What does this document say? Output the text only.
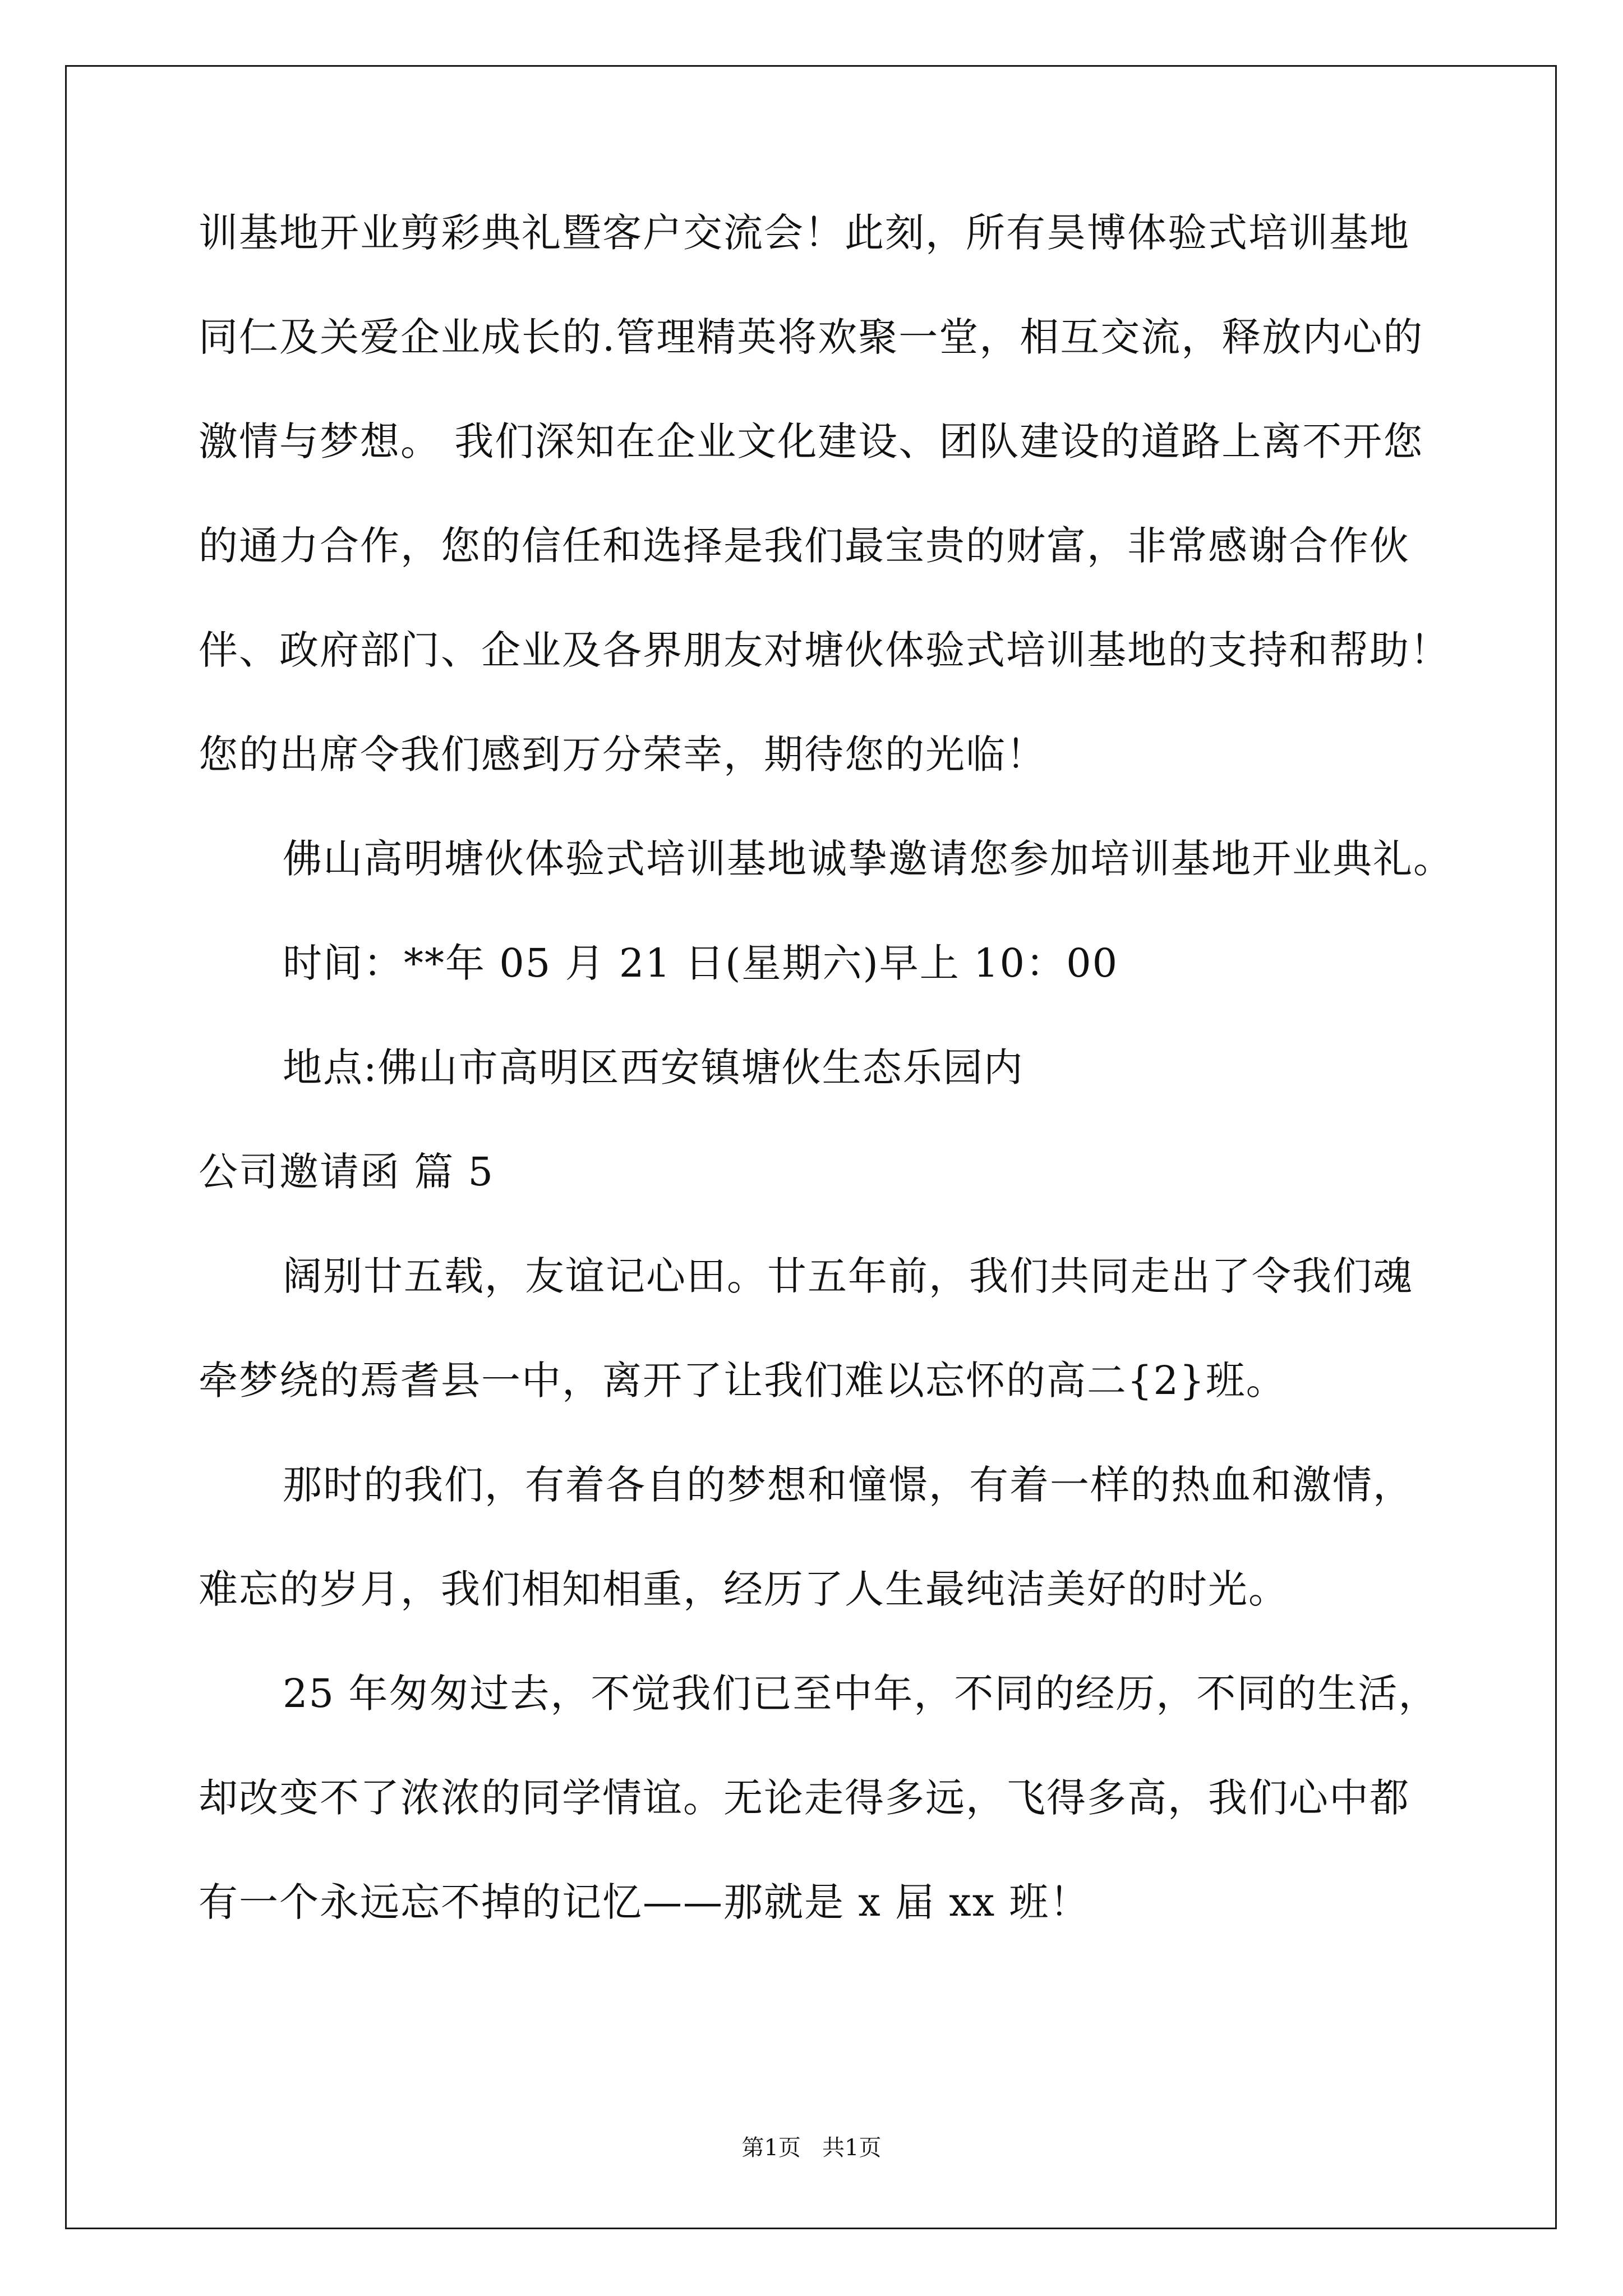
训基地开业剪彩典礼暨客户交流会！此刻，所有昊博体验式培训基地
同仁及关爱企业成长的.管理精英将欢聚一堂，相互交流，释放内心的
激情与梦想。 我们深知在企业文化建设、团队建设的道路上离不开您
的通力合作，您的信任和选择是我们最宝贵的财富，非常感谢合作伙
伴、政府部门、企业及各界朋友对塘伙体验式培训基地的支持和帮助！
您的出席令我们感到万分荣幸，期待您的光临！
佛山高明塘伙体验式培训基地诚挚邀请您参加培训基地开业典礼。
时间：**年 05 月 21 日(星期六)早上 10：00
地点:佛山市高明区西安镇塘伙生态乐园内
公司邀请函 篇 5
阔别廿五载，友谊记心田。廿五年前，我们共同走出了令我们魂
牵梦绕的焉耆县一中，离开了让我们难以忘怀的高二{2}班。
那时的我们，有着各自的梦想和憧憬，有着一样的热血和激情，
难忘的岁月，我们相知相重，经历了人生最纯洁美好的时光。
25 年匆匆过去，不觉我们已至中年，不同的经历，不同的生活，
却改变不了浓浓的同学情谊。无论走得多远，飞得多高，我们心中都
有一个永远忘不掉的记忆——那就是 x 届 xx 班！
第1页   共1页
